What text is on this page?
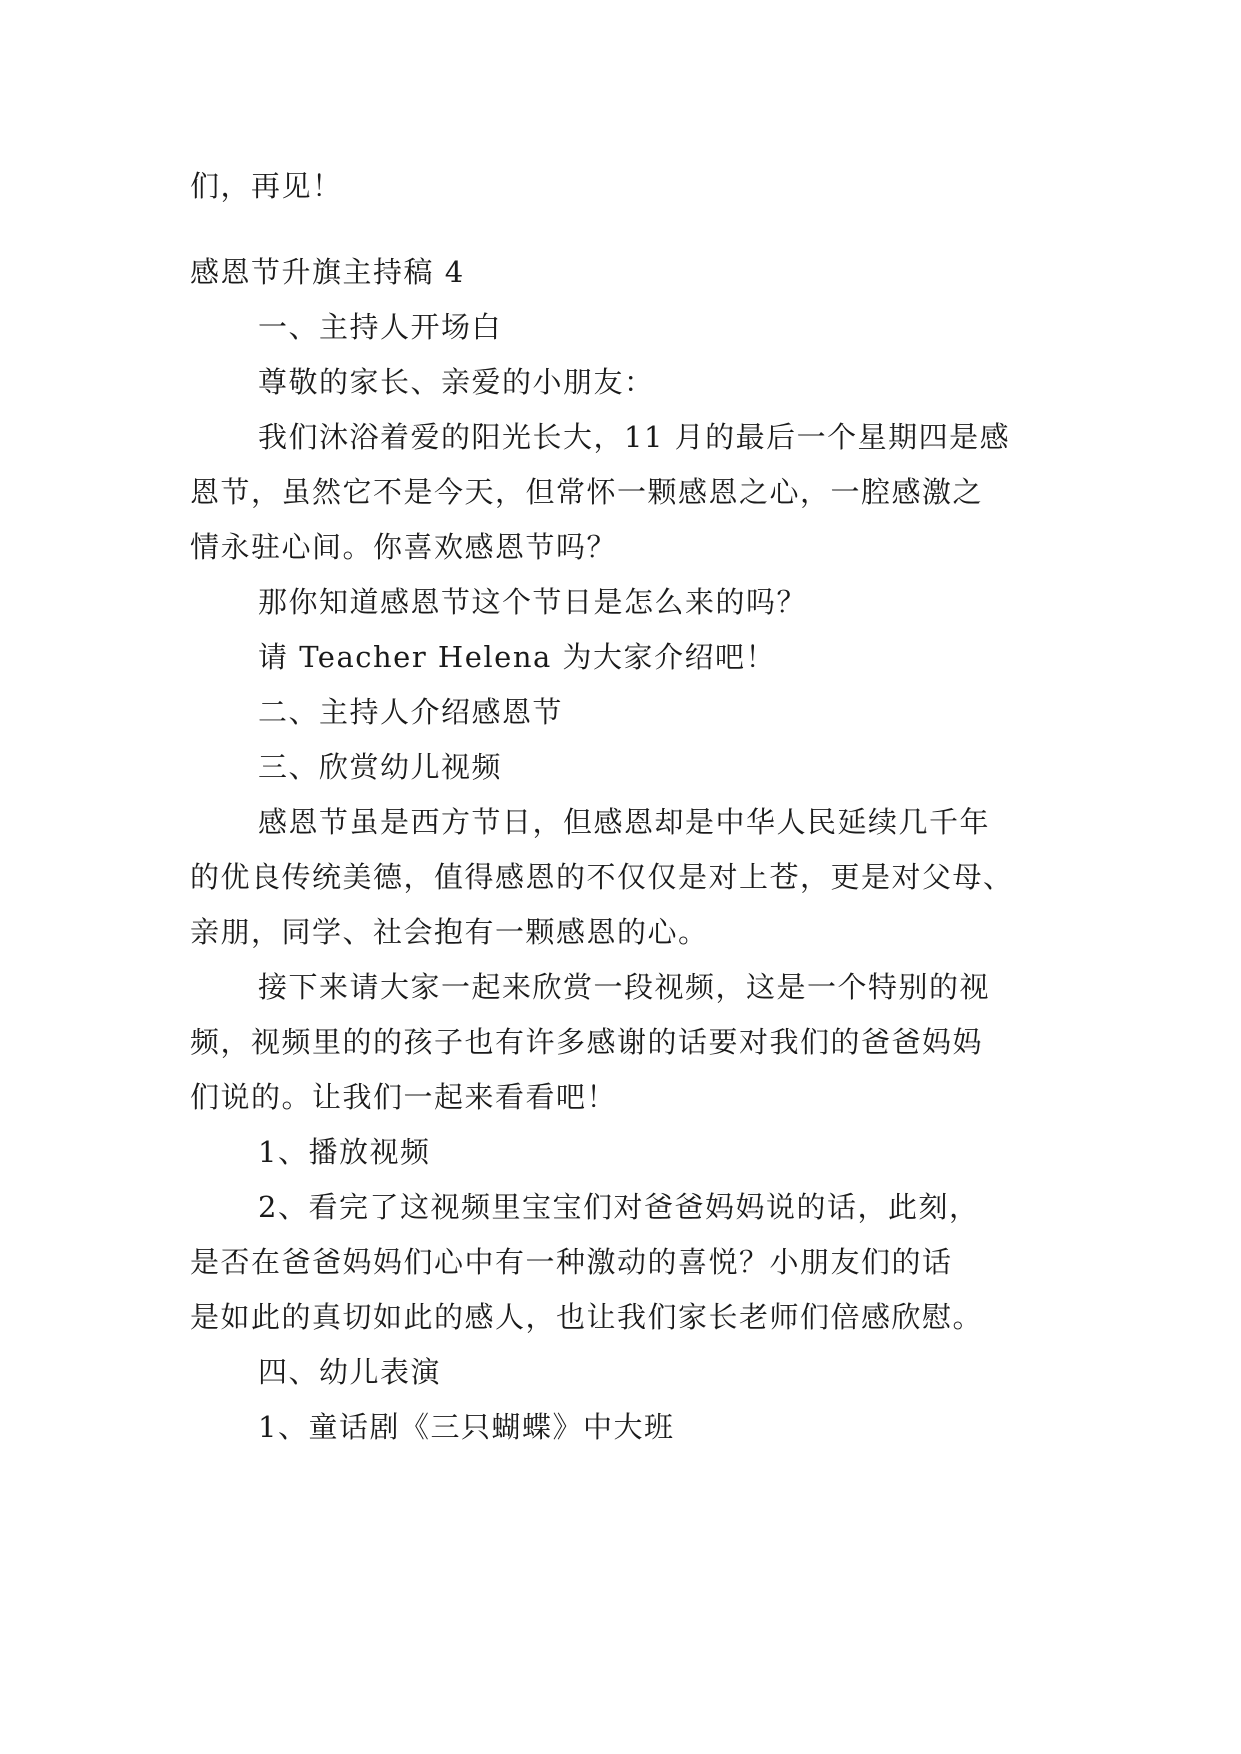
们，再见！
感恩节升旗主持稿 4
一、主持人开场白
尊敬的家长、亲爱的小朋友：
我们沐浴着爱的阳光长大，11 月的最后一个星期四是感
恩节，虽然它不是今天，但常怀一颗感恩之心，一腔感激之
情永驻心间。你喜欢感恩节吗？
那你知道感恩节这个节日是怎么来的吗？
请 Teacher Helena 为大家介绍吧！
二、主持人介绍感恩节
三、欣赏幼儿视频
感恩节虽是西方节日，但感恩却是中华人民延续几千年
的优良传统美德，值得感恩的不仅仅是对上苍，更是对父母、
亲朋，同学、社会抱有一颗感恩的心。
接下来请大家一起来欣赏一段视频，这是一个特别的视
频，视频里的的孩子也有许多感谢的话要对我们的爸爸妈妈
们说的。让我们一起来看看吧！
1、播放视频
2、看完了这视频里宝宝们对爸爸妈妈说的话，此刻，
是否在爸爸妈妈们心中有一种激动的喜悦？小朋友们的话
是如此的真切如此的感人，也让我们家长老师们倍感欣慰。
四、幼儿表演
1、童话剧《三只蝴蝶》中大班
